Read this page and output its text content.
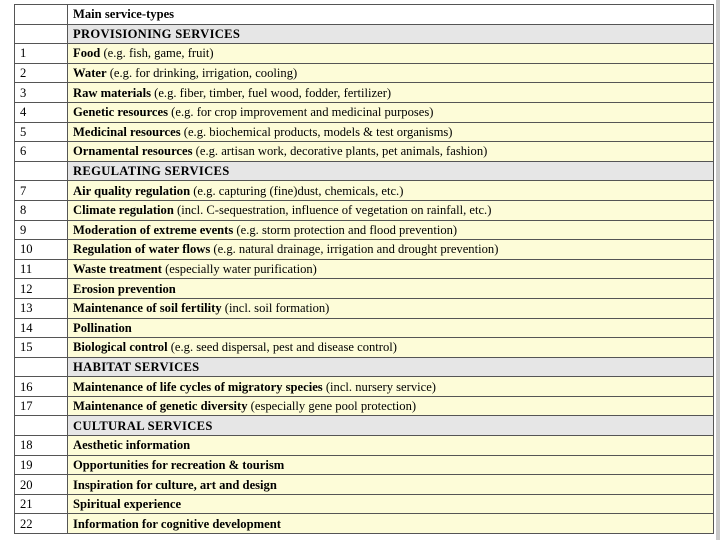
	Main service-types
	PROVISIONING SERVICES
1	Food (e.g. fish, game, fruit)
2	Water (e.g. for drinking, irrigation, cooling)
3	Raw materials (e.g. fiber, timber, fuel wood, fodder, fertilizer)
4	Genetic resources (e.g. for crop improvement and medicinal purposes)
5	Medicinal resources (e.g. biochemical products, models & test organisms)
6	Ornamental resources (e.g. artisan work, decorative plants, pet animals, fashion)
	REGULATING SERVICES
7	Air quality regulation (e.g. capturing (fine)dust, chemicals, etc.)
8	Climate regulation (incl. C-sequestration, influence of vegetation on rainfall, etc.)
9	Moderation of extreme events (e.g. storm protection and flood prevention)
10	Regulation of water flows (e.g. natural drainage, irrigation and drought prevention)
11	Waste treatment (especially water purification)
12	Erosion prevention
13	Maintenance of soil fertility (incl. soil formation)
14	Pollination
15	Biological control (e.g. seed dispersal, pest and disease control)
	HABITAT SERVICES
16	Maintenance of life cycles of migratory species (incl. nursery service)
17	Maintenance of genetic diversity (especially gene pool protection)
	CULTURAL SERVICES
18	Aesthetic information
19	Opportunities for recreation & tourism
20	Inspiration for culture, art and design
21	Spiritual experience
22	Information for cognitive development
